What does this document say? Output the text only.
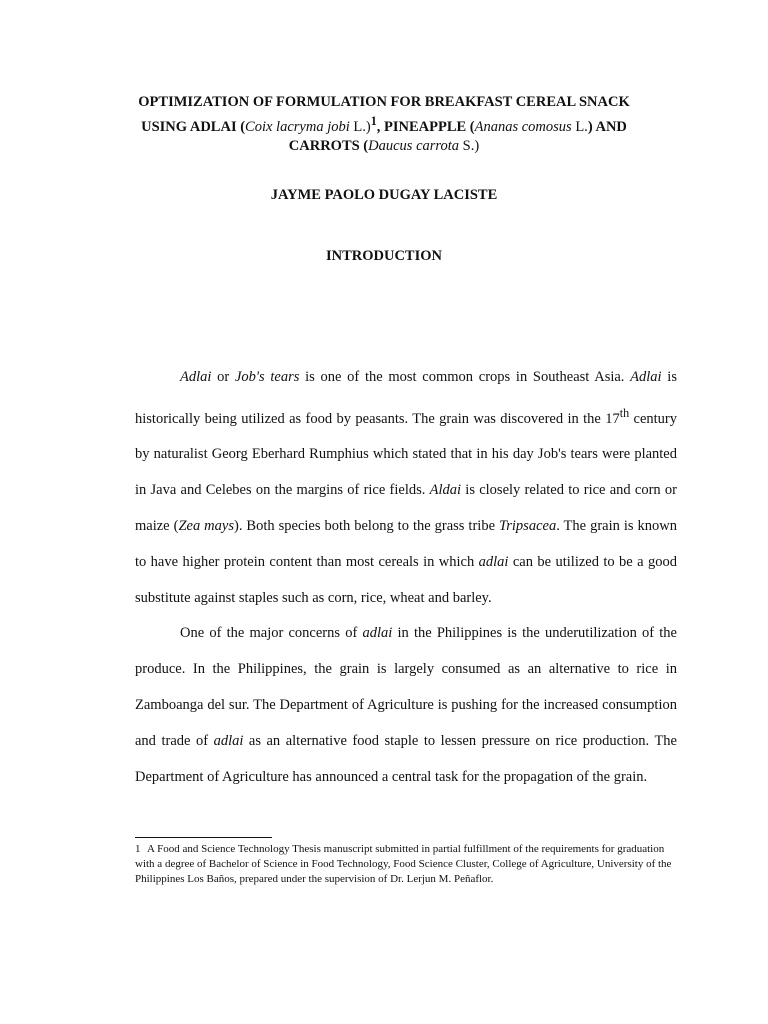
OPTIMIZATION OF FORMULATION FOR BREAKFAST CEREAL SNACK
USING ADLAI (Coix lacryma jobi L.)$^1$, PINEAPPLE (Ananas comosus L.) AND
CARROTS (Daucus carrota S.)
JAYME PAOLO DUGAY LACISTE
INTRODUCTION

Adlai or Job's tears is one of the most common crops in Southeast Asia. Adlai is historically being utilized as food by peasants. The grain was discovered in the 17th century by naturalist Georg Eberhard Rumphius which stated that in his day Job's tears were planted in Java and Celebes on the margins of rice fields. Aldai is closely related to rice and corn or maize (Zea mays). Both species both belong to the grass tribe Tripsacea. The grain is known to have higher protein content than most cereals in which adlai can be utilized to be a good substitute against staples such as corn, rice, wheat and barley.

One of the major concerns of adlai in the Philippines is the underutilization of the produce. In the Philippines, the grain is largely consumed as an alternative to rice in Zamboanga del sur. The Department of Agriculture is pushing for the increased consumption and trade of adlai as an alternative food staple to lessen pressure on rice production. The Department of Agriculture has announced a central task for the propagation of the grain.

1 A Food and Science Technology Thesis manuscript submitted in partial fulfillment of the requirements for graduation with a degree of Bachelor of Science in Food Technology, Food Science Cluster, College of Agriculture, University of the Philippines Los Baños, prepared under the supervision of Dr. Lerjun M. Peñaflor.
